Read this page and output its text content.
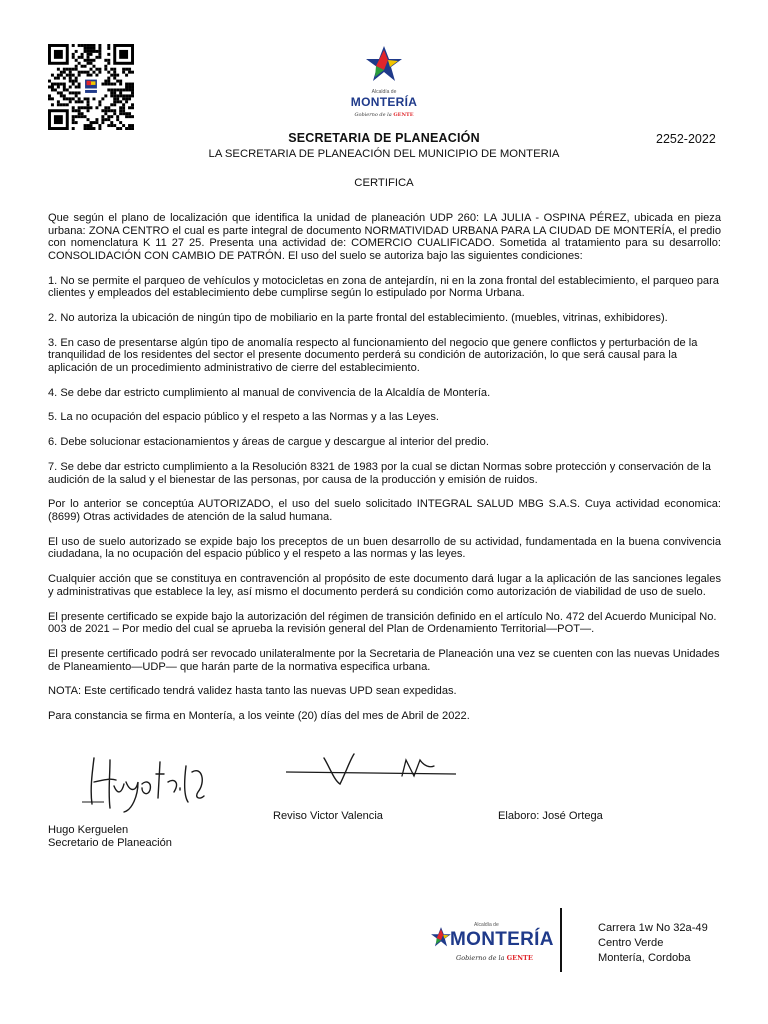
Alcaldía de
MONTERÍA
Gobierno de la GENTE
SECRETARIA DE PLANEACIÓN	2252-2022
LA SECRETARIA DE PLANEACIÓN DEL MUNICIPIO DE MONTERIA
CERTIFICA

Que según el plano de localización que identifica la unidad de planeación UDP 260: LA JULIA - OSPINA PÉREZ, ubicada en pieza urbana: ZONA CENTRO el cual es parte integral de documento NORMATIVIDAD URBANA PARA LA CIUDAD DE MONTERÍA, el predio con nomenclatura K 11 27 25. Presenta una actividad de: COMERCIO CUALIFICADO. Sometida al tratamiento para su desarrollo: CONSOLIDACIÓN CON CAMBIO DE PATRÓN. El uso del suelo se autoriza bajo las siguientes condiciones:

1. No se permite el parqueo de vehículos y motocicletas en zona de antejardín, ni en la zona frontal del establecimiento, el parqueo para clientes y empleados del establecimiento debe cumplirse según lo estipulado por Norma Urbana.

2. No autoriza la ubicación de ningún tipo de mobiliario en la parte frontal del establecimiento. (muebles, vitrinas, exhibidores).

3. En caso de presentarse algún tipo de anomalía respecto al funcionamiento del negocio que genere conflictos y perturbación de la tranquilidad de los residentes del sector el presente documento perderá su condición de autorización, lo que será causal para la aplicación de un procedimiento administrativo de cierre del establecimiento.

4. Se debe dar estricto cumplimiento al manual de convivencia de la Alcaldía de Montería.

5. La no ocupación del espacio público y el respeto a las Normas y a las Leyes.

6. Debe solucionar estacionamientos y áreas de cargue y descargue al interior del predio.

7. Se debe dar estricto cumplimiento a la Resolución 8321 de 1983 por la cual se dictan Normas sobre protección y conservación de la audición de la salud y el bienestar de las personas, por causa de la producción y emisión de ruidos.

Por lo anterior se conceptúa AUTORIZADO, el uso del suelo solicitado INTEGRAL SALUD MBG S.A.S. Cuya actividad economica: (8699) Otras actividades de atención de la salud humana.

El uso de suelo autorizado se expide bajo los preceptos de un buen desarrollo de su actividad, fundamentada en la buena convivencia ciudadana, la no ocupación del espacio público y el respeto a las normas y las leyes.

Cualquier acción que se constituya en contravención al propósito de este documento dará lugar a la aplicación de las sanciones legales y administrativas que establece la ley, así mismo el documento perderá su condición como autorización de viabilidad de uso de suelo.

El presente certificado se expide bajo la autorización del régimen de transición definido en el artículo No. 472 del Acuerdo Municipal No. 003 de 2021 – Por medio del cual se aprueba la revisión general del Plan de Ordenamiento Territorial—POT—.

El presente certificado podrá ser revocado unilateralmente por la Secretaria de Planeación una vez se cuenten con las nuevas Unidades de Planeamiento—UDP— que harán parte de la normativa especifica urbana.

NOTA: Este certificado tendrá validez hasta tanto las nuevas UPD sean expedidas.

Para constancia se firma en Montería, a los veinte (20) días del mes de Abril de 2022.

Hugo Kerguelen
Secretario de Planeación
Reviso Victor Valencia	Elaboro: José Ortega
Alcaldía de
MONTERÍA
Gobierno de la GENTE
Carrera 1w No 32a-49
Centro Verde
Montería, Cordoba
